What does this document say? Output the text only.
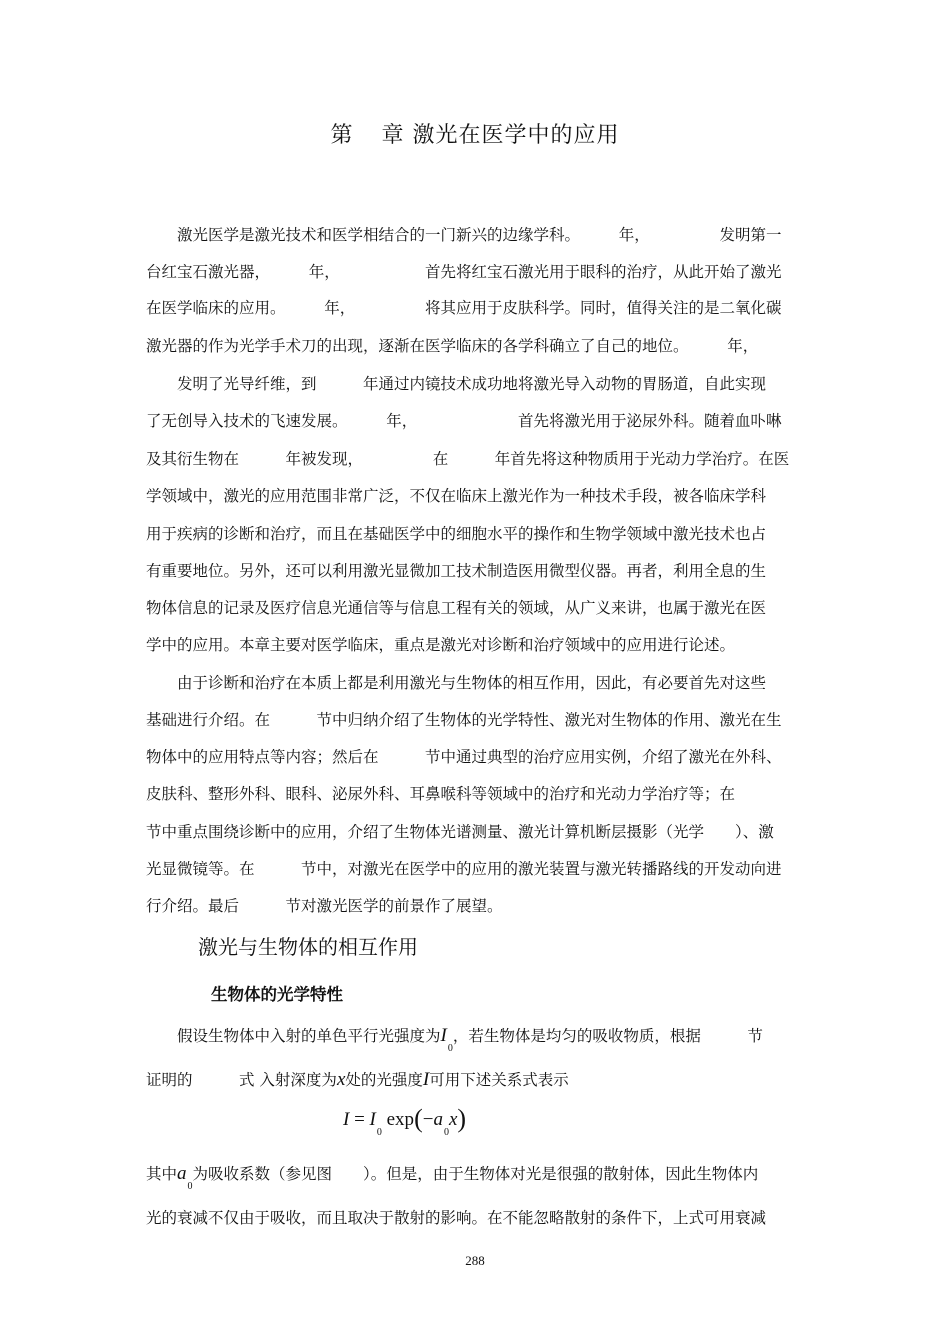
第 章 激光在医学中的应用
　　激光医学是激光技术和医学相结合的一门新兴的边缘学科。　　　年，　　　　　发明第一
台红宝石激光器，　　　年，　　　　　　首先将红宝石激光用于眼科的治疗，从此开始了激光
在医学临床的应用。　　　年，　　　　　将其应用于皮肤科学。同时，值得关注的是二氧化碳
激光器的作为光学手术刀的出现，逐渐在医学临床的各学科确立了自己的地位。　　　年，
　　发明了光导纤维，到　　　年通过内镜技术成功地将激光导入动物的胃肠道，自此实现
了无创导入技术的飞速发展。　　　年，　　　　　　　首先将激光用于泌尿外科。随着血卟啉
及其衍生物在　　　年被发现，　　　　　在　　　年首先将这种物质用于光动力学治疗。在医
学领域中，激光的应用范围非常广泛，不仅在临床上激光作为一种技术手段，被各临床学科
用于疾病的诊断和治疗，而且在基础医学中的细胞水平的操作和生物学领域中激光技术也占
有重要地位。另外，还可以利用激光显微加工技术制造医用微型仪器。再者，利用全息的生
物体信息的记录及医疗信息光通信等与信息工程有关的领域，从广义来讲，也属于激光在医
学中的应用。本章主要对医学临床，重点是激光对诊断和治疗领域中的应用进行论述。
　　由于诊断和治疗在本质上都是利用激光与生物体的相互作用，因此，有必要首先对这些
基础进行介绍。在　　　节中归纳介绍了生物体的光学特性、激光对生物体的作用、激光在生
物体中的应用特点等内容；然后在　　　节中通过典型的治疗应用实例，介绍了激光在外科、
皮肤科、整形外科、眼科、泌尿外科、耳鼻喉科等领域中的治疗和光动力学治疗等；在
节中重点围绕诊断中的应用，介绍了生物体光谱测量、激光计算机断层摄影（光学　　）、激
光显微镜等。在　　　节中，对激光在医学中的应用的激光装置与激光转播路线的开发动向进
行介绍。最后　　　节对激光医学的前景作了展望。
激光与生物体的相互作用
生物体的光学特性
　　假设生物体中入射的单色平行光强度为$I_0$，若生物体是均匀的吸收物质，根据　　　节
证明的　　　式 入射深度为x处的光强度I可用下述关系式表示
$I = I_0$ $\exp(-a_0x)$
其中$a_0$为吸收系数（参见图　　）。但是，由于生物体对光是很强的散射体，因此生物体内
光的衰减不仅由于吸收，而且取决于散射的影响。在不能忽略散射的条件下，上式可用衰减
288
